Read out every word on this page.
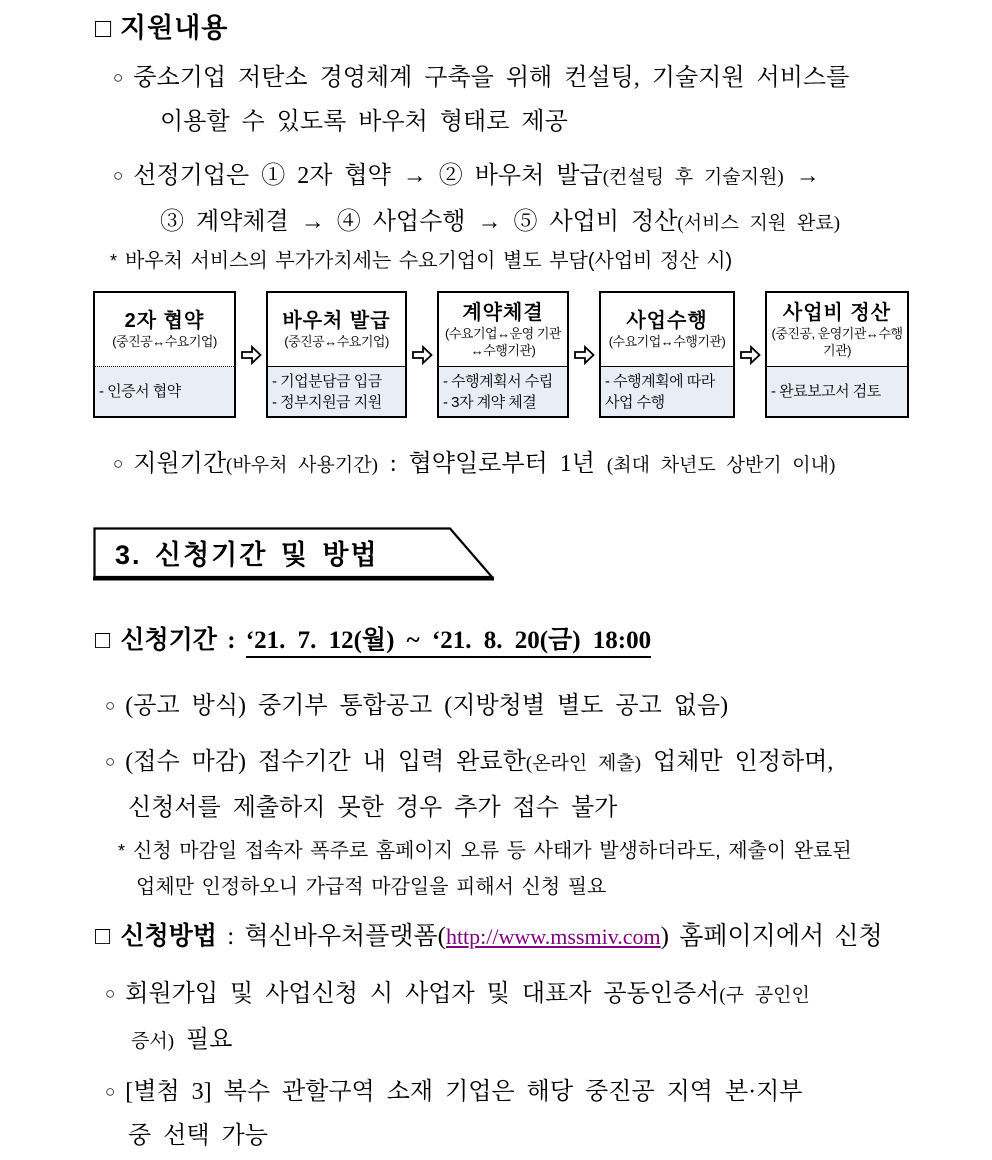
□ 지원내용
○ 중소기업 저탄소 경영체계 구축을 위해 컨설팅, 기술지원 서비스를
이용할 수 있도록 바우처 형태로 제공
○ 선정기업은 ① 2자 협약 → ② 바우처 발급(컨설팅 후 기술지원) →
③ 계약체결 → ④ 사업수행 → ⑤ 사업비 정산(서비스 지원 완료)
* 바우처 서비스의 부가가치세는 수요기업이 별도 부담(사업비 정산 시)
2자 협약
(중진공↔수요기업)
- 인증서 협약
바우처 발급
(중진공↔수요기업)
- 기업분담금 입금
- 정부지원금 지원
계약체결
(수요기업↔운영 기관↔수행기관)
- 수행계획서 수립
- 3자 계약 체결
사업수행
(수요기업↔수행기관)
- 수행계획에 따라 사업 수행
사업비 정산
(중진공, 운영기관↔수행기관)
- 완료보고서 검토
○ 지원기간(바우처 사용기간) : 협약일로부터 1년 (최대 차년도 상반기 이내)
3. 신청기간 및 방법
□ 신청기간 : ‘21. 7. 12(월) ~ ‘21. 8. 20(금) 18:00
○ (공고 방식) 중기부 통합공고 (지방청별 별도 공고 없음)
○ (접수 마감) 접수기간 내 입력 완료한(온라인 제출) 업체만 인정하며,
신청서를 제출하지 못한 경우 추가 접수 불가
* 신청 마감일 접속자 폭주로 홈페이지 오류 등 사태가 발생하더라도, 제출이 완료된
업체만 인정하오니 가급적 마감일을 피해서 신청 필요
□ 신청방법 : 혁신바우처플랫폼(http://www.mssmiv.com) 홈페이지에서 신청
○ 회원가입 및 사업신청 시 사업자 및 대표자 공동인증서(구 공인인
증서) 필요
○ [별첨 3] 복수 관할구역 소재 기업은 해당 중진공 지역 본·지부
중 선택 가능
